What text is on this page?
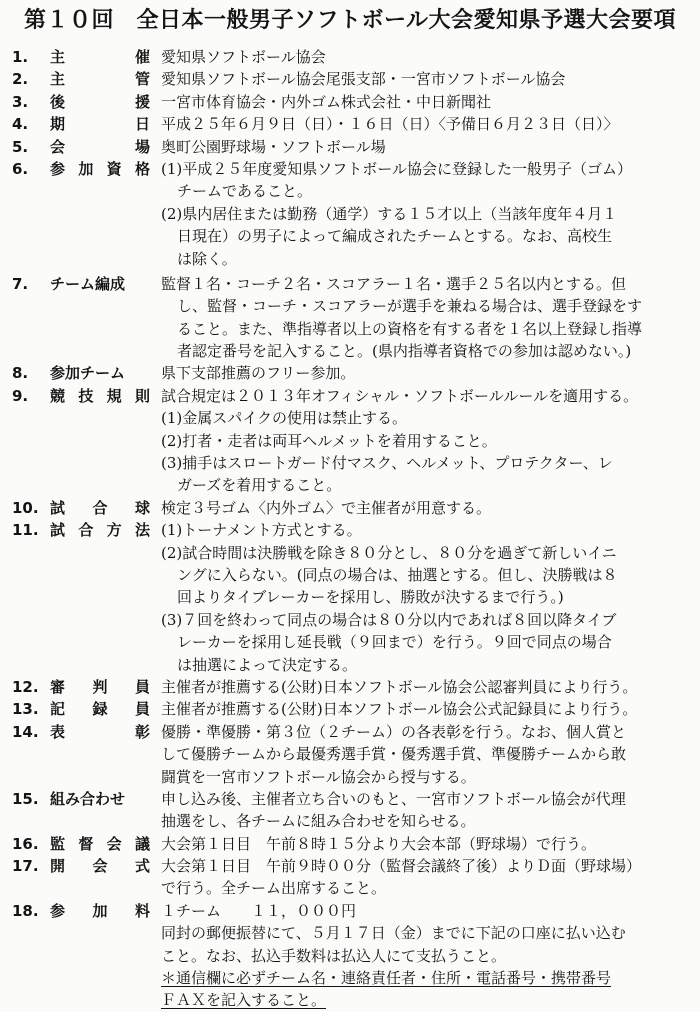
第１０回　全日本一般男子ソフトボール大会愛知県予選大会要項
1. 主催 愛知県ソフトボール協会
2. 主管 愛知県ソフトボール協会尾張支部・一宮市ソフトボール協会
3. 後援 一宮市体育協会・内外ゴム株式会社・中日新聞社
4. 期日 平成２５年６月９日（日）・１６日（日）〈予備日６月２３日（日）〉
5. 会場 奥町公園野球場・ソフトボール場
6. 参加資格 (1)平成２５年度愛知県ソフトボール協会に登録した一般男子（ゴム）
チームであること。
(2)県内居住または勤務（通学）する１５才以上（当該年度年４月１
日現在）の男子によって編成されたチームとする。なお、高校生
は除く。
7. チーム編成	監督１名・コーチ２名・スコアラー１名・選手２５名以内とする。但
し、監督・コーチ・スコアラーが選手を兼ねる場合は、選手登録をす
ること。また、準指導者以上の資格を有する者を１名以上登録し指導
者認定番号を記入すること。(県内指導者資格での参加は認めない。)
8. 参加チーム	県下支部推薦のフリー参加。
9. 競技規則 試合規定は２０１３年オフィシャル・ソフトボールルールを適用する。
(1)金属スパイクの使用は禁止する。
(2)打者・走者は両耳ヘルメットを着用すること。
(3)捕手はスロートガード付マスク、ヘルメット、プロテクター、レ
ガーズを着用すること。
10. 試合球 検定３号ゴム〈内外ゴム〉で主催者が用意する。
11. 試合方法 (1)トーナメント方式とする。
(2)試合時間は決勝戦を除き８０分とし、８０分を過ぎて新しいイニ
ングに入らない。(同点の場合は、抽選とする。但し、決勝戦は８
回よりタイブレーカーを採用し、勝敗が決するまで行う。)
(3)７回を終わって同点の場合は８０分以内であれば８回以降タイブ
レーカーを採用し延長戦（９回まで）を行う。９回で同点の場合
は抽選によって決定する。
12. 審判員 主催者が推薦する(公財)日本ソフトボール協会公認審判員により行う。
13. 記録員 主催者が推薦する(公財)日本ソフトボール協会公式記録員により行う。
14. 表彰 優勝・準優勝・第３位（２チーム）の各表彰を行う。なお、個人賞と
して優勝チームから最優秀選手賞・優秀選手賞、準優勝チームから敢
闘賞を一宮市ソフトボール協会から授与する。
15. 組み合わせ	申し込み後、主催者立ち合いのもと、一宮市ソフトボール協会が代理
抽選をし、各チームに組み合わせを知らせる。
16. 監督会議 大会第１日目　午前８時１５分より大会本部（野球場）で行う。
17. 開会式 大会第１日目　午前９時００分（監督会議終了後）よりＤ面（野球場）
で行う。全チーム出席すること。
18. 参加料 １チーム　　１１，０００円
同封の郵便振替にて、５月１７日（金）までに下記の口座に払い込む
こと。なお、払込手数料は払込人にて支払うこと。
＊通信欄に必ずチーム名・連絡責任者・住所・電話番号・携帯番号
ＦＡＸを記入すること。
